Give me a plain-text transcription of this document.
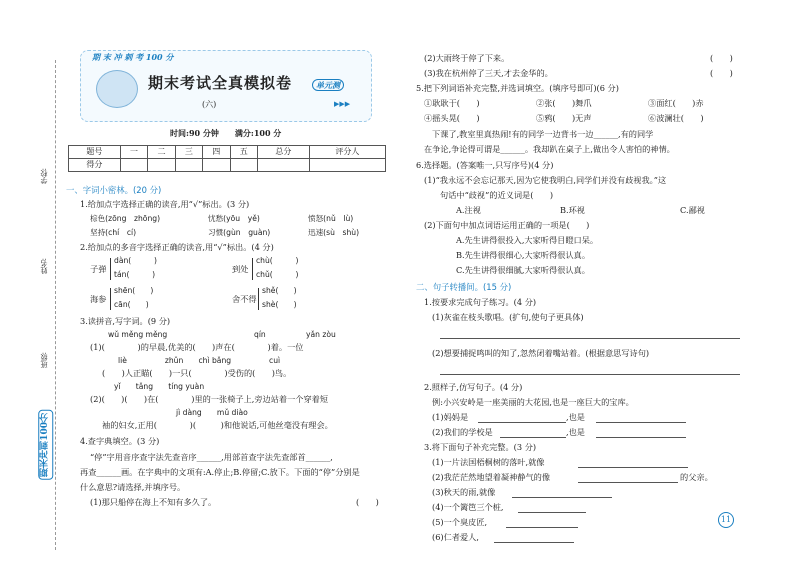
学校:
姓名:
班级:
期末冲刺100分
期 末 冲 刺 考 100 分
期末考试全真模拟卷	单元测
(六)	▶▶▶
时间:90 分钟　　满分:100 分
题号	一	二	三	四	五	总分	评分人
得分							
一、字词小密林。(20 分)
1.给加点字选择正确的读音,用“√”标出。(3 分)
棕色(zōng　zhōng)	忧愁(yōu　yě)	愤怒(nǔ　lù)
坚持(chí　cí)	习惯(gùn　guàn)	迅速(sù　shù)
2.给加点的多音字选择正确的读音,用“√”标出。(4 分)
子弹
dàn(　　　)
tán(　　　)
到处
chù(　　　)
chǔ(　　　)
海参
shēn(　　)
cān(　　)
舍不得
shě(　　)
shè(　　)
3.读拼音,写字词。(9 分)
wǔ měng měng	qín	yǎn zòu
(1)(　　　　)的早晨,优美的(　　)声在(　　　　)着。一位
liè　　　　　zhǔn　　chì bǎng　　　　　cuì
(　　)人正瞄(　　)一只(　　　　)受伤的(　　)鸟。
yǐ　　tǎng　　tíng yuàn
(2)(　　)(　　)在(　　　　)里的一张椅子上,旁边站着一个穿着短
jì dàng　　mǔ diào
袖的妇女,正用(　　　　)(　　　)和他说话,可他丝毫没有理会。
4.查字典填空。(3 分)
“停”字用音序查字法先查音序______,用部首查字法先查部首______,
再查______画。在字典中的文项有:A.停止;B.停留;C.放下。下面的“停”分别是
什么意思?请选择,并填序号。
(1)那只船停在海上不知有多久了。	(　　)
(2)大雨终于停了下来。	(　　)
(3)我在杭州停了三天,才去金华的。	(　　)
5.把下列词语补充完整,并选词填空。(填序号即可)(6 分)
①耿耿于(　　)	②张(　　)舞爪	③面红(　　)赤
④摇头晃(　　)	⑤鸦(　　)无声	⑥波澜壮(　　)
下课了,教室里真热闹!有的同学一边背书一边______,有的同学
在争论,争论得可谓是______。我却趴在桌子上,做出令人害怕的神情。
6.选择题。(答案唯一,只写序号)(4 分)
(1)“我永远不会忘记那天,因为它使我明白,同学们并没有歧视我。”这
句话中“歧视”的近义词是(　　)
A.注视	B.环视	C.鄙视
(2)下面句中加点词语运用正确的一项是(　　)
A.先生讲得很投入,大家听得目瞪口呆。
B.先生讲得很细心,大家听得很认真。
C.先生讲得很细腻,大家听得很认真。
二、句子转播间。(15 分)
1.按要求完成句子练习。(4 分)
(1)灰雀在枝头歌唱。(扩句,使句子更具体)
(2)想要捕捉鸣叫的知了,忽然闭着嘴站着。(根据意思写诗句)
2.照样子,仿写句子。(4 分)
例:小兴安岭是一座美丽的大花园,也是一座巨大的宝库。
(1)妈妈是	,也是
(2)我们的学校是	,也是
3.将下面句子补充完整。(3 分)
(1)一片法国梧桐树的落叶,就像
(2)我茫茫然地望着凝神静气的像	的父亲。
(3)秋天的雨,就像
(4)一个篱笆三个桩,
(5)一个臭皮匠,
(6)仁者爱人,
11
